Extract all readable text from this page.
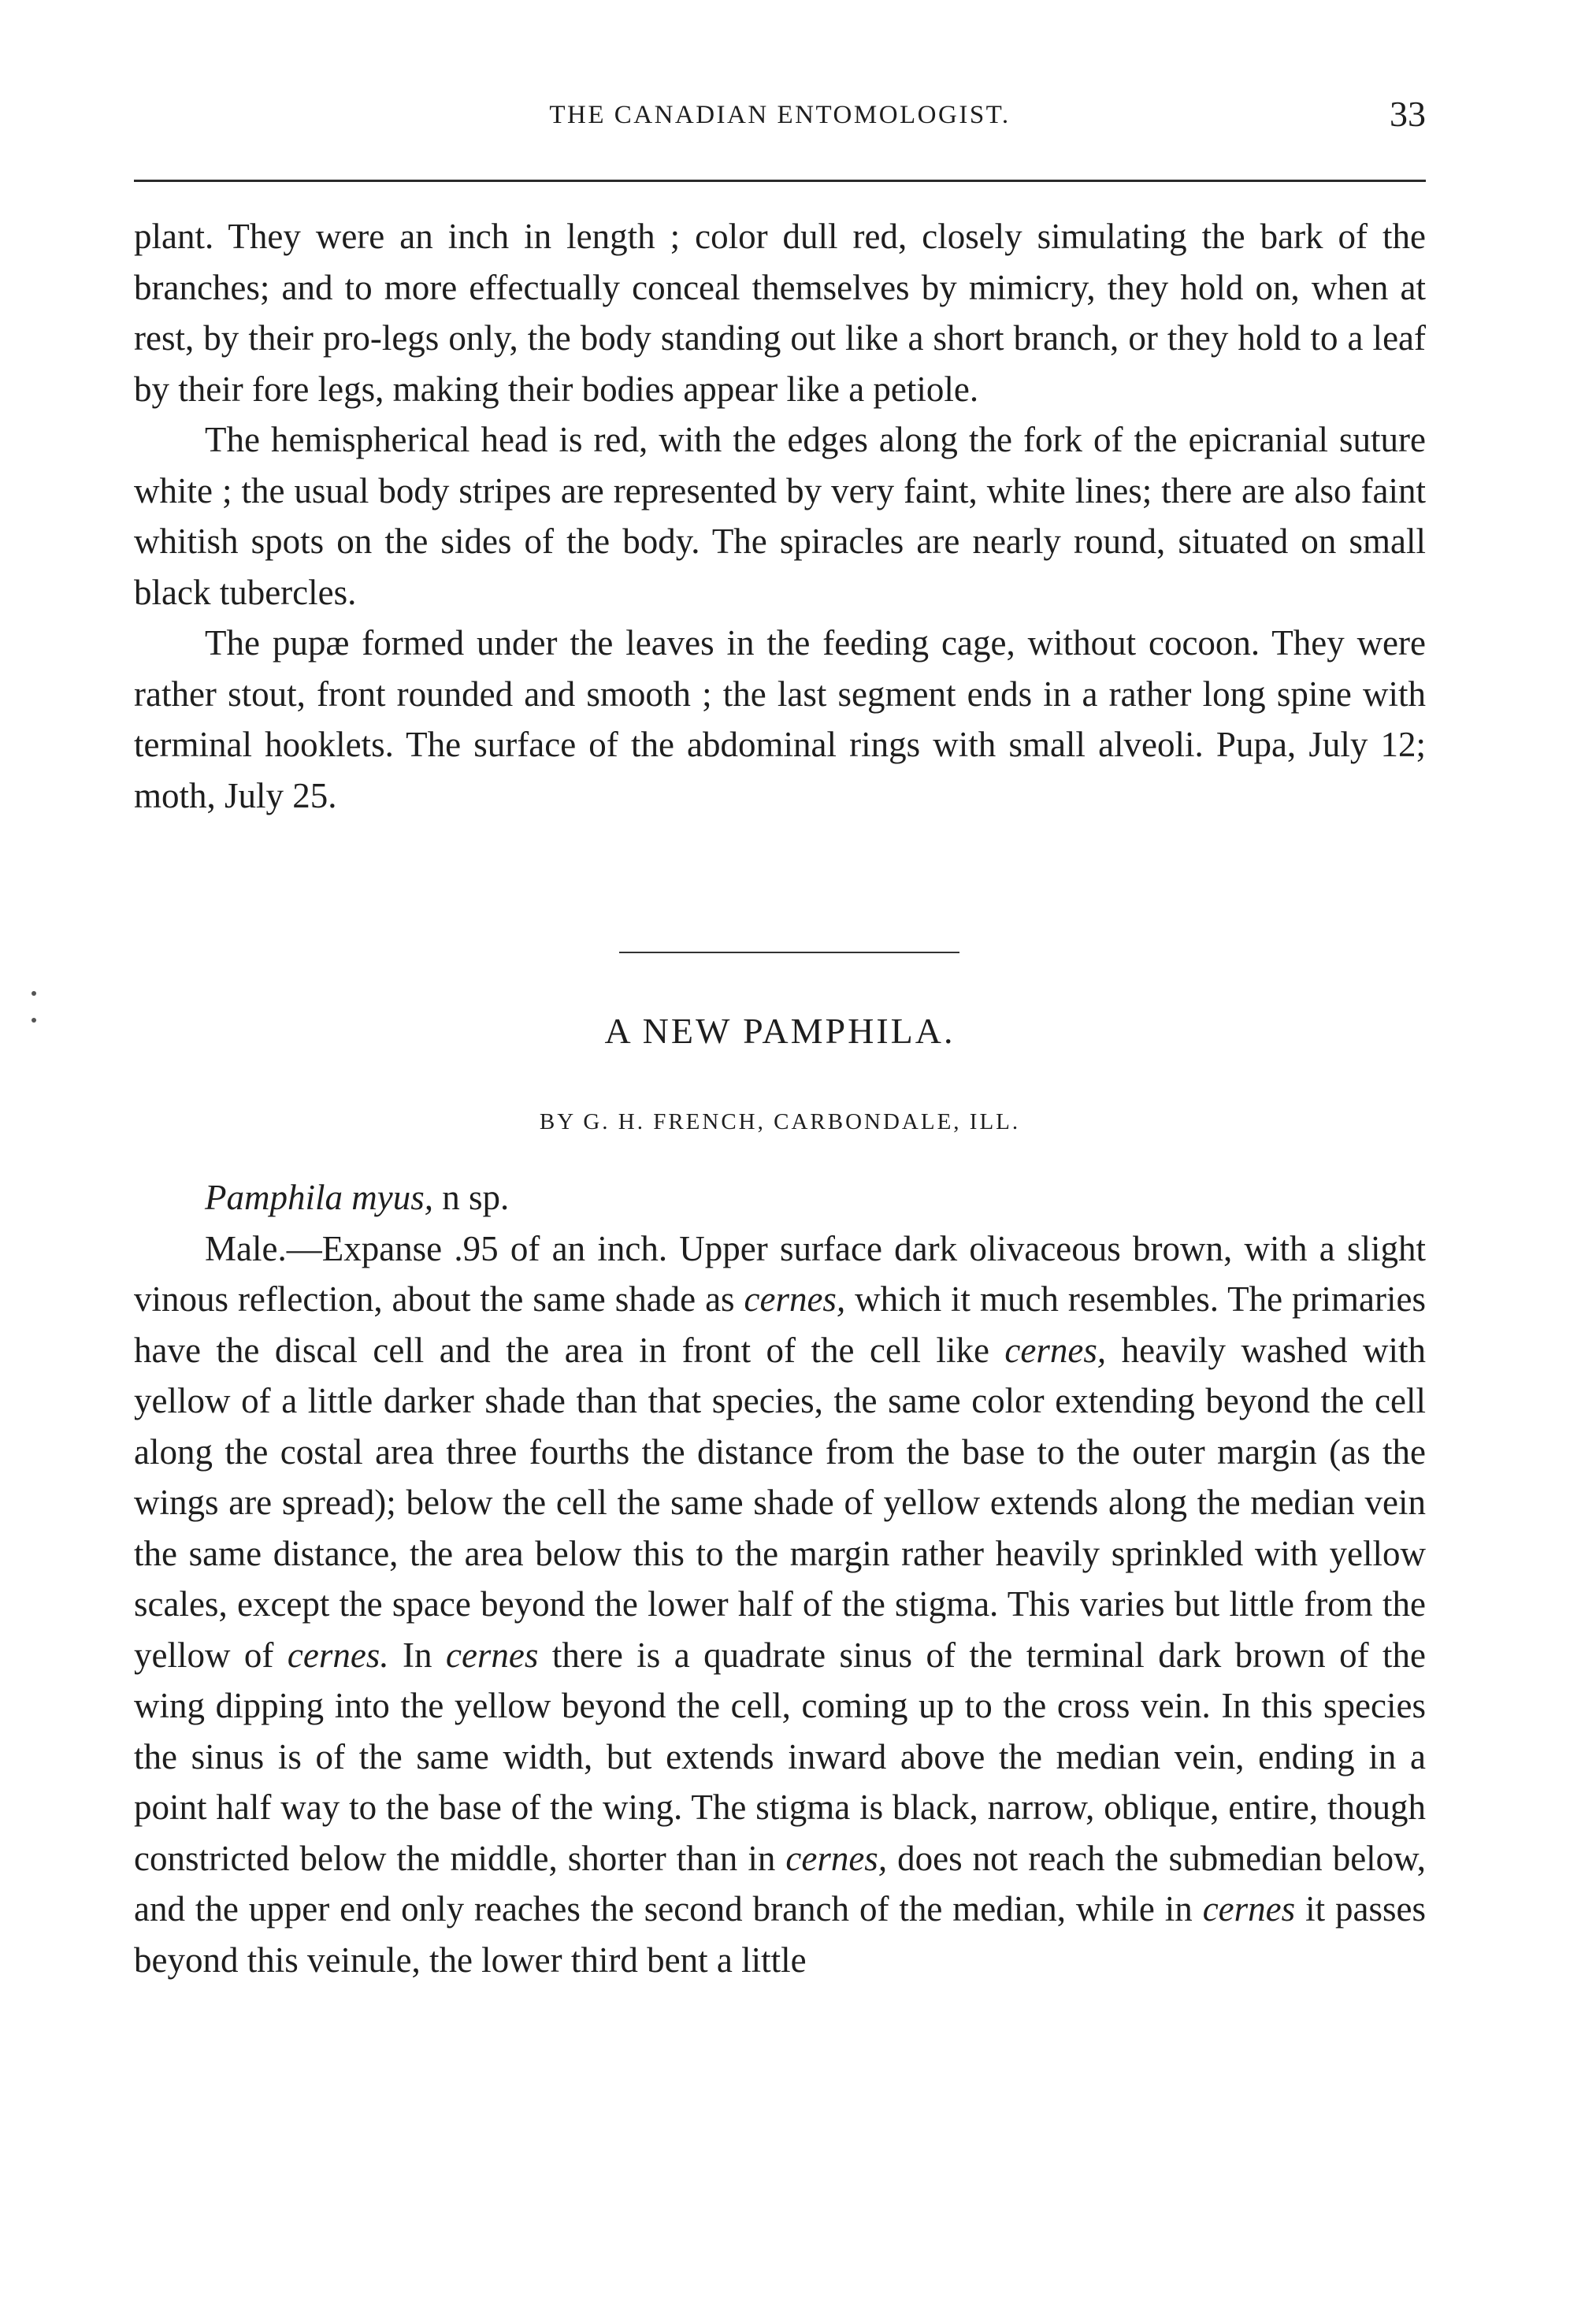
THE CANADIAN ENTOMOLOGIST.	33

plant. They were an inch in length ; color dull red, closely simulating the bark of the branches; and to more effectually conceal themselves by mimicry, they hold on, when at rest, by their pro-legs only, the body standing out like a short branch, or they hold to a leaf by their fore legs, making their bodies appear like a petiole.

The hemispherical head is red, with the edges along the fork of the epicranial suture white ; the usual body stripes are represented by very faint, white lines; there are also faint whitish spots on the sides of the body. The spiracles are nearly round, situated on small black tubercles.

The pupæ formed under the leaves in the feeding cage, without cocoon. They were rather stout, front rounded and smooth ; the last segment ends in a rather long spine with terminal hooklets. The surface of the abdominal rings with small alveoli. Pupa, July 12; moth, July 25.

A NEW PAMPHILA.
BY G. H. FRENCH, CARBONDALE, ILL.

Pamphila myus, n sp.

Male.—Expanse .95 of an inch. Upper surface dark olivaceous brown, with a slight vinous reflection, about the same shade as cernes, which it much resembles. The primaries have the discal cell and the area in front of the cell like cernes, heavily washed with yellow of a little darker shade than that species, the same color extending beyond the cell along the costal area three fourths the distance from the base to the outer margin (as the wings are spread); below the cell the same shade of yellow extends along the median vein the same distance, the area below this to the margin rather heavily sprinkled with yellow scales, except the space beyond the lower half of the stigma. This varies but little from the yellow of cernes. In cernes there is a quadrate sinus of the terminal dark brown of the wing dipping into the yellow beyond the cell, coming up to the cross vein. In this species the sinus is of the same width, but extends inward above the median vein, ending in a point half way to the base of the wing. The stigma is black, narrow, oblique, entire, though constricted below the middle, shorter than in cernes, does not reach the submedian below, and the upper end only reaches the second branch of the median, while in cernes it passes beyond this veinule, the lower third bent a little
